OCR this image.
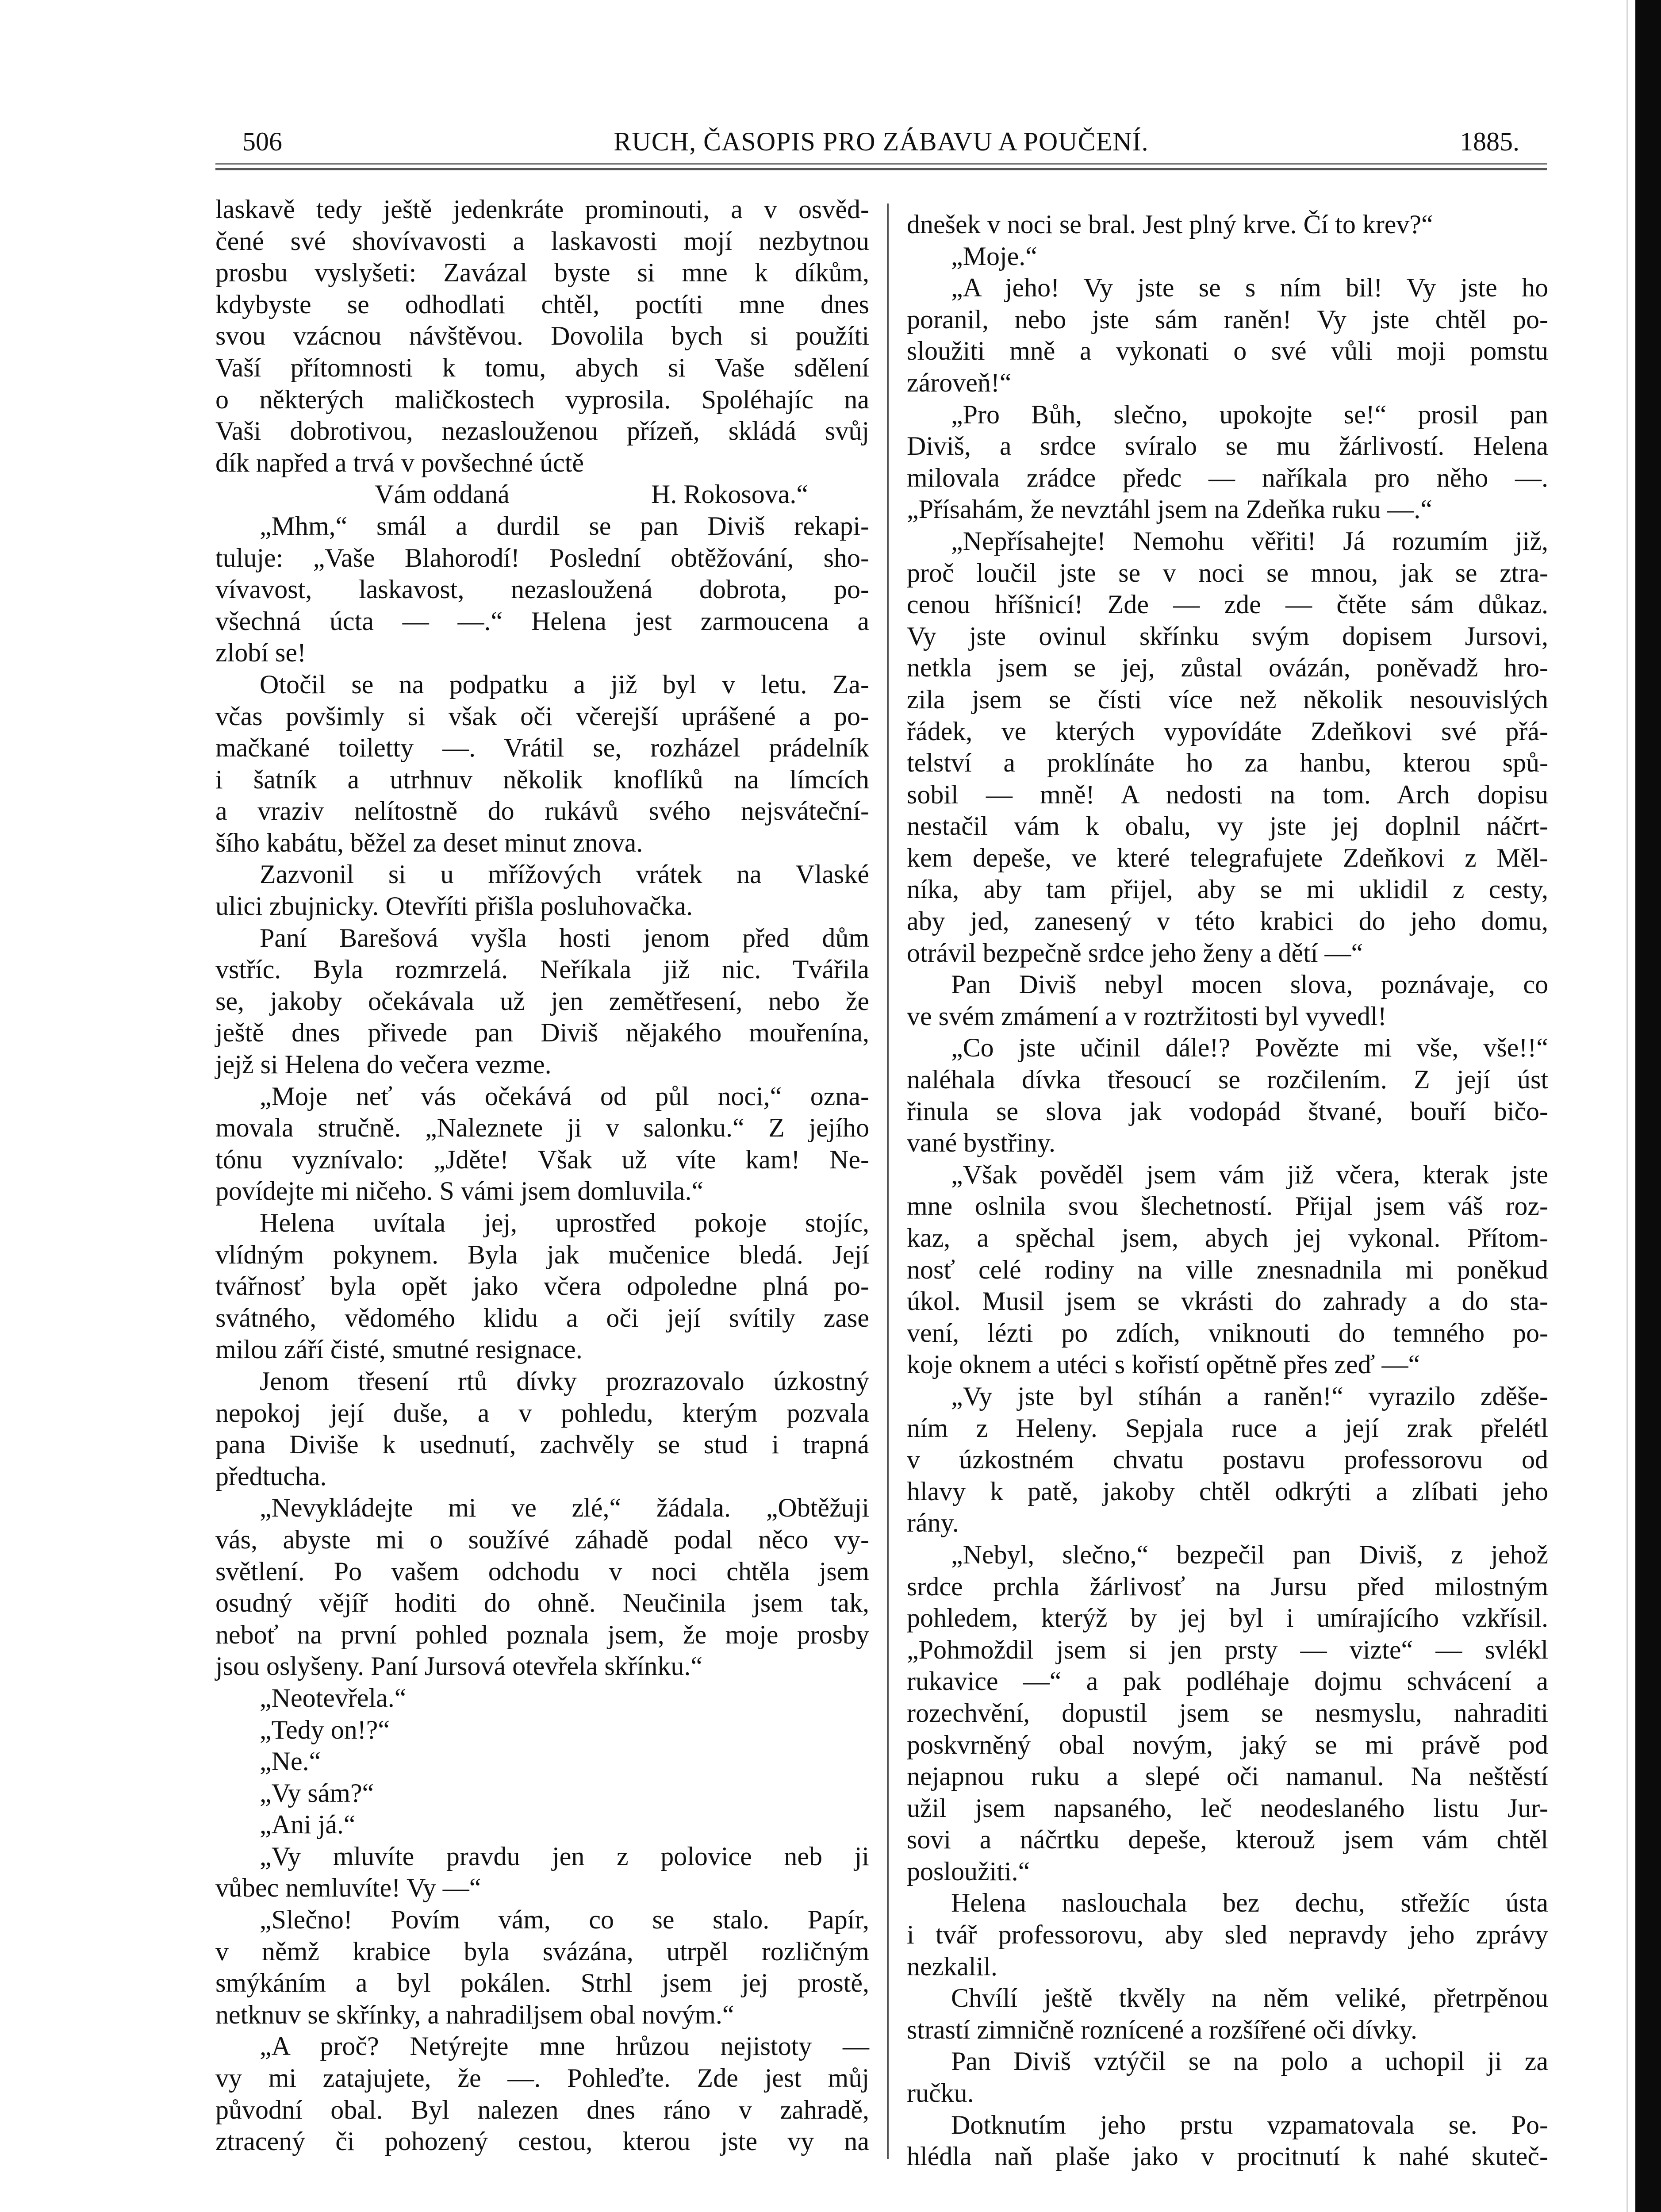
506	RUCH, ČASOPIS PRO ZÁBAVU A POUČENÍ.	1885.
laskavě tedy ještě jedenkráte prominouti, a v osvěd-
čené své shovívavosti a laskavosti mojí nezbytnou
prosbu vyslyšeti: Zavázal byste si mne k díkům,
kdybyste se odhodlati chtěl, poctíti mne dnes
svou vzácnou návštěvou. Dovolila bych si použíti
Vaší přítomnosti k tomu, abych si Vaše sdělení
o některých maličkostech vyprosila. Spoléhajíc na
Vaši dobrotivou, nezaslouženou přízeň, skládá svůj
dík napřed a trvá v povšechné úctě
Vám oddaná	H. Rokosova.“
„Mhm,“ smál a durdil se pan Diviš rekapi-
tuluje: „Vaše Blahorodí! Poslední obtěžování, sho-
vívavost, laskavost, nezasloužená dobrota, po-
všechná úcta — —.“ Helena jest zarmoucena a
zlobí se!
Otočil se na podpatku a již byl v letu. Za-
včas povšimly si však oči včerejší uprášené a po-
mačkané toiletty —. Vrátil se, rozházel prádelník
i šatník a utrhnuv několik knoflíků na límcích
a vraziv nelítostně do rukávů svého nejsváteční-
šího kabátu, běžel za deset minut znova.
Zazvonil si u mřížových vrátek na Vlaské
ulici zbujnicky. Otevříti přišla posluhovačka.
Paní Barešová vyšla hosti jenom před dům
vstříc. Byla rozmrzelá. Neříkala již nic. Tvářila
se, jakoby očekávala už jen zemětřesení, nebo že
ještě dnes přivede pan Diviš nějakého mouřenína,
jejž si Helena do večera vezme.
„Moje neť vás očekává od půl noci,“ ozna-
movala stručně. „Naleznete ji v salonku.“ Z jejího
tónu vyznívalo: „Jděte! Však už víte kam! Ne-
povídejte mi ničeho. S vámi jsem domluvila.“
Helena uvítala jej, uprostřed pokoje stojíc,
vlídným pokynem. Byla jak mučenice bledá. Její
tvářnosť byla opět jako včera odpoledne plná po-
svátného, vědomého klidu a oči její svítily zase
milou září čisté, smutné resignace.
Jenom třesení rtů dívky prozrazovalo úzkostný
nepokoj její duše, a v pohledu, kterým pozvala
pana Diviše k usednutí, zachvěly se stud i trapná
předtucha.
„Nevykládejte mi ve zlé,“ žádala. „Obtěžuji
vás, abyste mi o soužívé záhadě podal něco vy-
světlení. Po vašem odchodu v noci chtěla jsem
osudný vějíř hoditi do ohně. Neučinila jsem tak,
neboť na první pohled poznala jsem, že moje prosby
jsou oslyšeny. Paní Jursová otevřela skřínku.“
„Neotevřela.“
„Tedy on!?“
„Ne.“
„Vy sám?“
„Ani já.“
„Vy mluvíte pravdu jen z polovice neb ji
vůbec nemluvíte! Vy —“
„Slečno! Povím vám, co se stalo. Papír,
v němž krabice byla svázána, utrpěl rozličným
smýkáním a byl pokálen. Strhl jsem jej prostě,
netknuv se skřínky, a nahradiljsem obal novým.“
„A proč? Netýrejte mne hrůzou nejistoty —
vy mi zatajujete, že —. Pohleďte. Zde jest můj
původní obal. Byl nalezen dnes ráno v zahradě,
ztracený či pohozený cestou, kterou jste vy na
dnešek v noci se bral. Jest plný krve. Čí to krev?“
„Moje.“
„A jeho! Vy jste se s ním bil! Vy jste ho
poranil, nebo jste sám raněn! Vy jste chtěl po-
sloužiti mně a vykonati o své vůli moji pomstu
zároveň!“
„Pro Bůh, slečno, upokojte se!“ prosil pan
Diviš, a srdce svíralo se mu žárlivostí. Helena
milovala zrádce předc — naříkala pro něho —.
„Přísahám, že nevztáhl jsem na Zdeňka ruku —.“
„Nepřísahejte! Nemohu věřiti! Já rozumím již,
proč loučil jste se v noci se mnou, jak se ztra-
cenou hříšnicí! Zde — zde — čtěte sám důkaz.
Vy jste ovinul skřínku svým dopisem Jursovi,
netkla jsem se jej, zůstal ovázán, poněvadž hro-
zila jsem se čísti více než několik nesouvislých
řádek, ve kterých vypovídáte Zdeňkovi své přá-
telství a proklínáte ho za hanbu, kterou spů-
sobil — mně! A nedosti na tom. Arch dopisu
nestačil vám k obalu, vy jste jej doplnil náčrt-
kem depeše, ve které telegrafujete Zdeňkovi z Měl-
níka, aby tam přijel, aby se mi uklidil z cesty,
aby jed, zanesený v této krabici do jeho domu,
otrávil bezpečně srdce jeho ženy a dětí —“
Pan Diviš nebyl mocen slova, poznávaje, co
ve svém zmámení a v roztržitosti byl vyvedl!
„Co jste učinil dále!? Povězte mi vše, vše!!“
naléhala dívka třesoucí se rozčilením. Z její úst
řinula se slova jak vodopád štvané, bouří bičo-
vané bystřiny.
„Však pověděl jsem vám již včera, kterak jste
mne oslnila svou šlechetností. Přijal jsem váš roz-
kaz, a spěchal jsem, abych jej vykonal. Přítom-
nosť celé rodiny na ville znesnadnila mi poněkud
úkol. Musil jsem se vkrásti do zahrady a do sta-
vení, lézti po zdích, vniknouti do temného po-
koje oknem a utéci s kořistí opětně přes zeď —“
„Vy jste byl stíhán a raněn!“ vyrazilo zděše-
ním z Heleny. Sepjala ruce a její zrak přelétl
v úzkostném chvatu postavu professorovu od
hlavy k patě, jakoby chtěl odkrýti a zlíbati jeho
rány.
„Nebyl, slečno,“ bezpečil pan Diviš, z jehož
srdce prchla žárlivosť na Jursu před milostným
pohledem, kterýž by jej byl i umírajícího vzkřísil.
„Pohmoždil jsem si jen prsty — vizte“ — svlékl
rukavice —“ a pak podléhaje dojmu schvácení a
rozechvění, dopustil jsem se nesmyslu, nahraditi
poskvrněný obal novým, jaký se mi právě pod
nejapnou ruku a slepé oči namanul. Na neštěstí
užil jsem napsaného, leč neodeslaného listu Jur-
sovi a náčrtku depeše, kterouž jsem vám chtěl
posloužiti.“
Helena naslouchala bez dechu, střežíc ústa
i tvář professorovu, aby sled nepravdy jeho zprávy
nezkalil.
Chvílí ještě tkvěly na něm veliké, přetrpěnou
strastí zimničně roznícené a rozšířené oči dívky.
Pan Diviš vztýčil se na polo a uchopil ji za
ručku.
Dotknutím jeho prstu vzpamatovala se. Po-
hlédla naň plaše jako v procitnutí k nahé skuteč-
